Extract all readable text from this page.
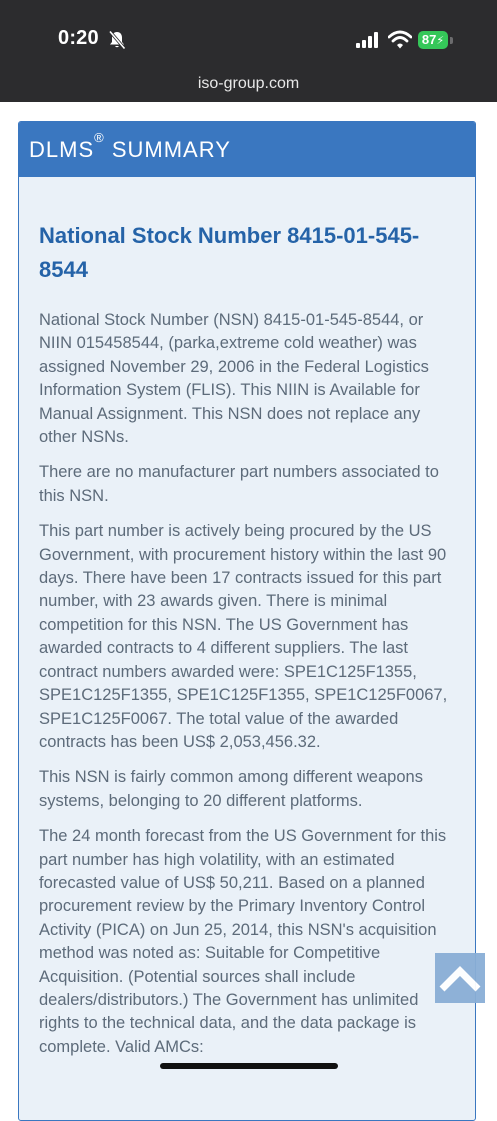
0:20	87⚡
iso-group.com
DLMS® SUMMARY
National Stock Number 8415-01-545-8544

National Stock Number (NSN) 8415-01-545-8544, or NIIN 015458544, (parka,extreme cold weather) was assigned November 29, 2006 in the Federal Logistics Information System (FLIS). This NIIN is Available for Manual Assignment. This NSN does not replace any other NSNs.

There are no manufacturer part numbers associated to this NSN.

This part number is actively being procured by the US Government, with procurement history within the last 90 days. There have been 17 contracts issued for this part number, with 23 awards given. There is minimal competition for this NSN. The US Government has awarded contracts to 4 different suppliers. The last contract numbers awarded were: SPE1C125F1355, SPE1C125F1355, SPE1C125F1355, SPE1C125F0067, SPE1C125F0067. The total value of the awarded contracts has been US$ 2,053,456.32.

This NSN is fairly common among different weapons systems, belonging to 20 different platforms.

The 24 month forecast from the US Government for this part number has high volatility, with an estimated forecasted value of US$ 50,211. Based on a planned procurement review by the Primary Inventory Control Activity (PICA) on Jun 25, 2014, this NSN's acquisition method was noted as: Suitable for Competitive Acquisition. (Potential sources shall include dealers/distributors.) The Government has unlimited rights to the technical data, and the data package is complete. Valid AMCs:
